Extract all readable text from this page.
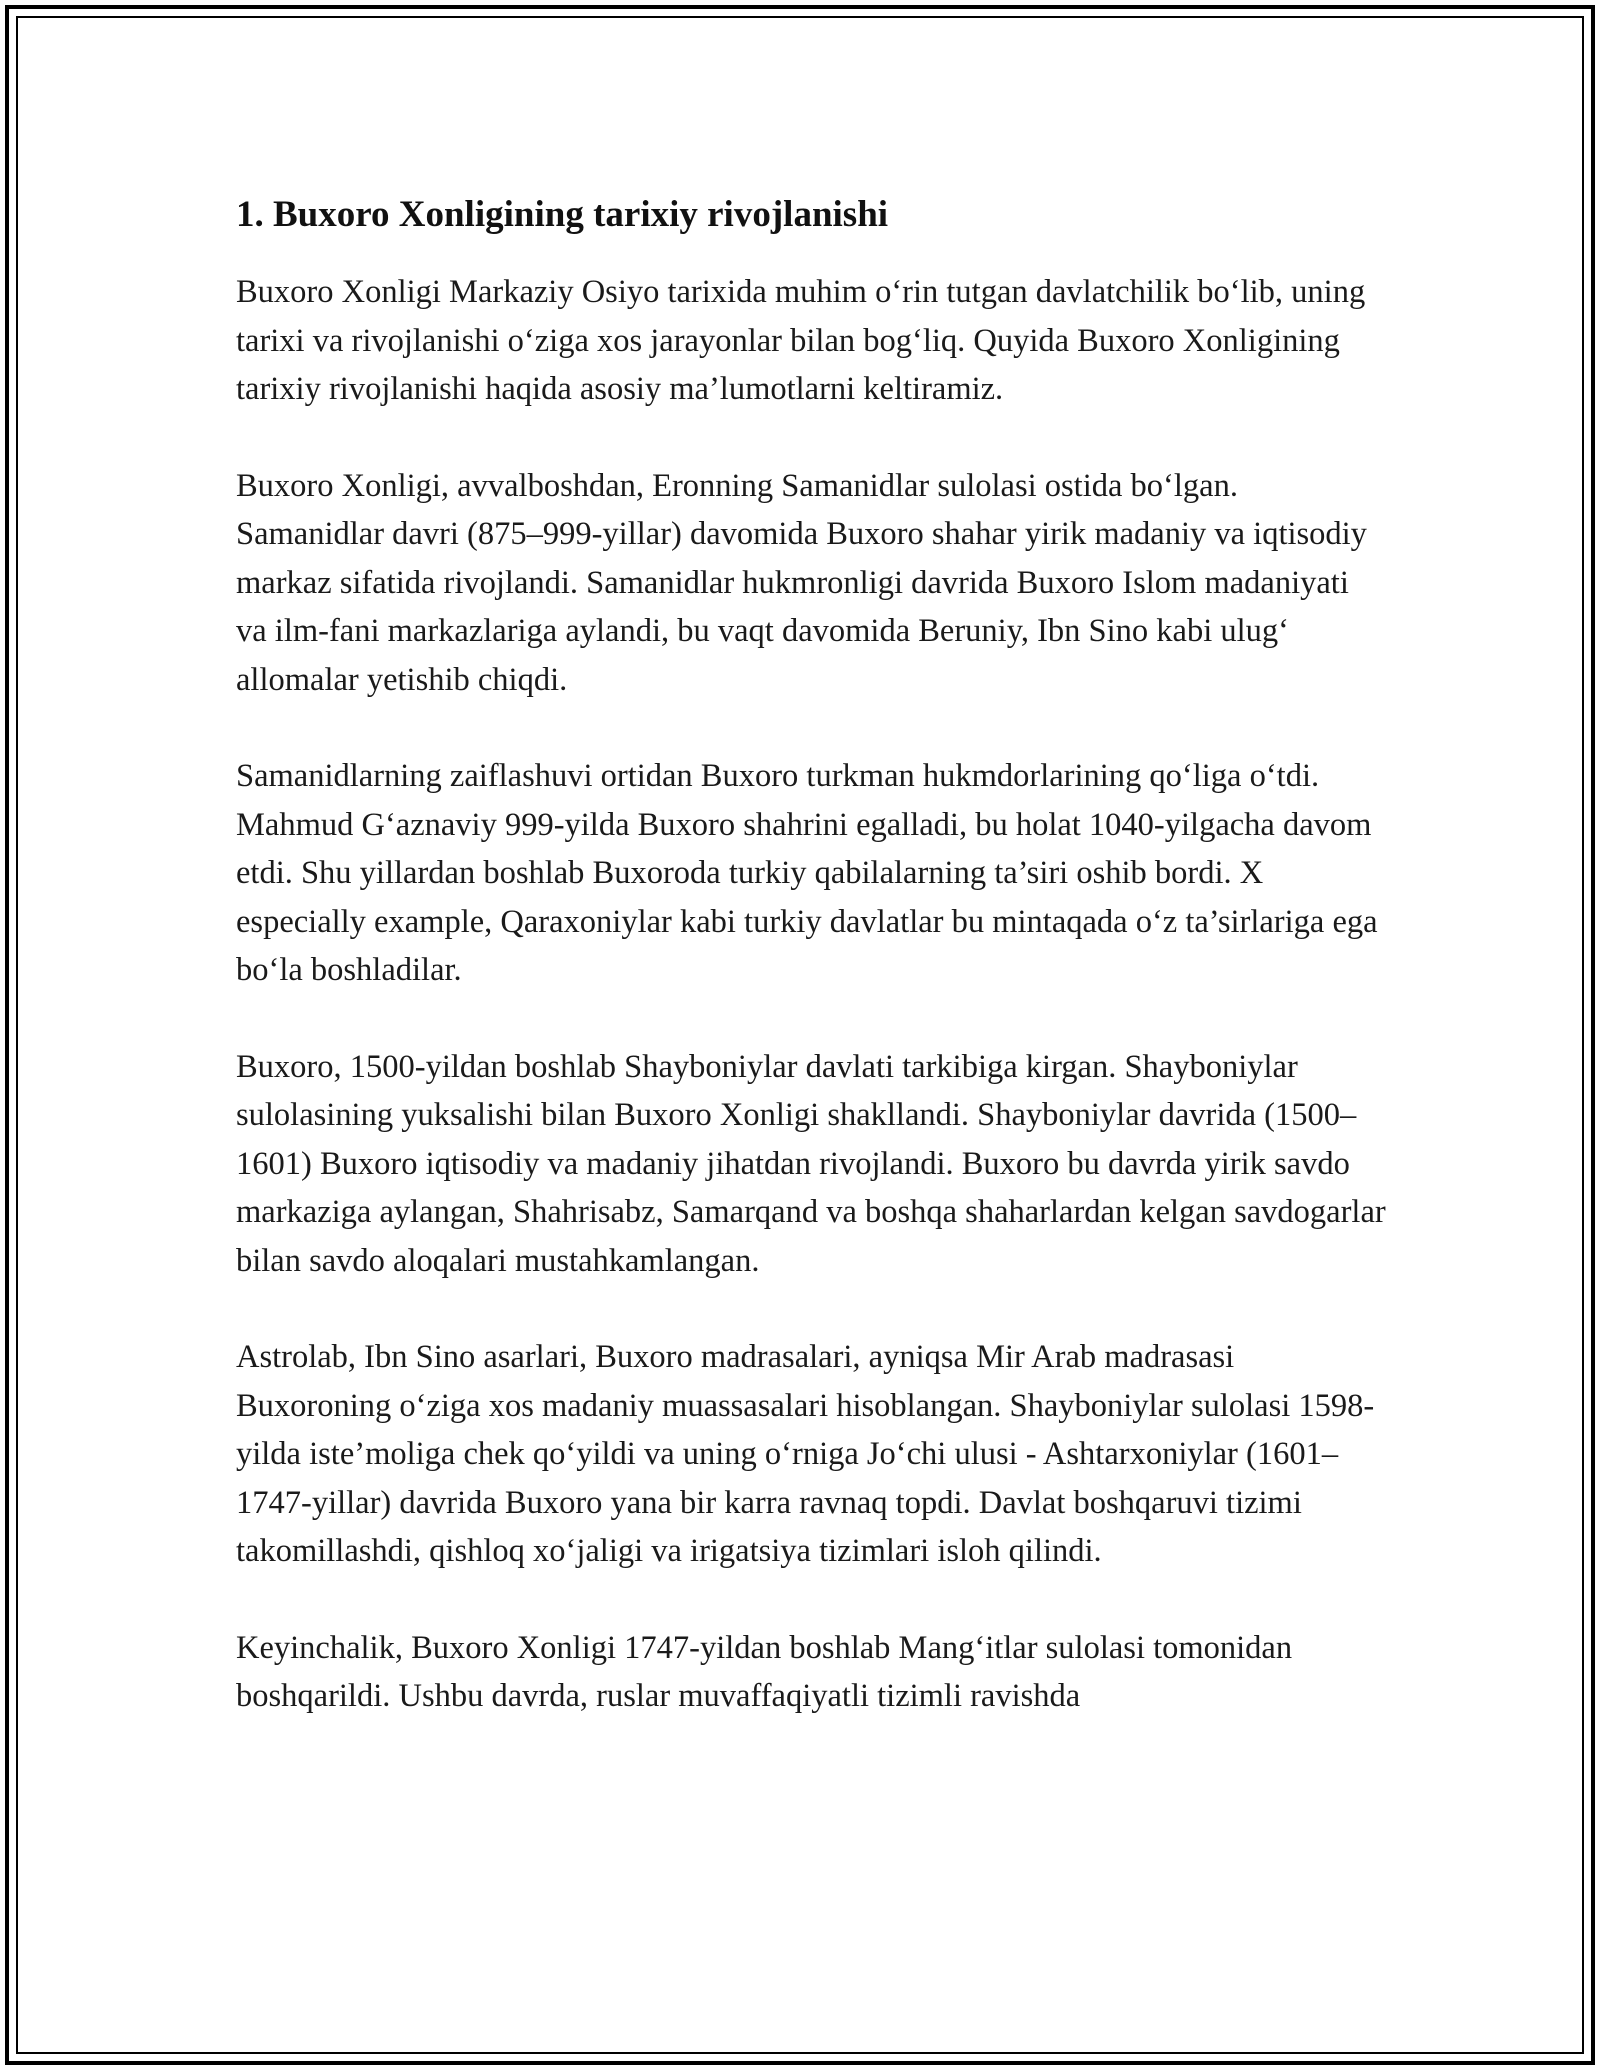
1. Buxoro Xonligining tarixiy rivojlanishi

Buxoro Xonligi Markaziy Osiyo tarixida muhim o‘rin tutgan davlatchilik bo‘lib, uning tarixi va rivojlanishi o‘ziga xos jarayonlar bilan bog‘liq. Quyida Buxoro Xonligining tarixiy rivojlanishi haqida asosiy ma’lumotlarni keltiramiz.

Buxoro Xonligi, avvalboshdan, Eronning Samanidlar sulolasi ostida bo‘lgan. Samanidlar davri (875–999-yillar) davomida Buxoro shahar yirik madaniy va iqtisodiy markaz sifatida rivojlandi. Samanidlar hukmronligi davrida Buxoro Islom madaniyati va ilm-fani markazlariga aylandi, bu vaqt davomida Beruniy, Ibn Sino kabi ulug‘ allomalar yetishib chiqdi.

Samanidlarning zaiflashuvi ortidan Buxoro turkman hukmdorlarining qo‘liga o‘tdi. Mahmud G‘aznaviy 999-yilda Buxoro shahrini egalladi, bu holat 1040-yilgacha davom etdi. Shu yillardan boshlab Buxoroda turkiy qabilalarning ta’siri oshib bordi. X especially example, Qaraxoniylar kabi turkiy davlatlar bu mintaqada o‘z ta’sirlariga ega bo‘la boshladilar.

Buxoro, 1500-yildan boshlab Shayboniylar davlati tarkibiga kirgan. Shayboniylar sulolasining yuksalishi bilan Buxoro Xonligi shakllandi. Shayboniylar davrida (1500–1601) Buxoro iqtisodiy va madaniy jihatdan rivojlandi. Buxoro bu davrda yirik savdo markaziga aylangan, Shahrisabz, Samarqand va boshqa shaharlardan kelgan savdogarlar bilan savdo aloqalari mustahkamlangan.

Astrolab, Ibn Sino asarlari, Buxoro madrasalari, ayniqsa Mir Arab madrasasi Buxoroning o‘ziga xos madaniy muassasalari hisoblangan. Shayboniylar sulolasi 1598-yilda iste’moliga chek qo‘yildi va uning o‘rniga Jo‘chi ulusi - Ashtarxoniylar (1601–1747-yillar) davrida Buxoro yana bir karra ravnaq topdi. Davlat boshqaruvi tizimi takomillashdi, qishloq xo‘jaligi va irigatsiya tizimlari isloh qilindi.

Keyinchalik, Buxoro Xonligi 1747-yildan boshlab Mang‘itlar sulolasi tomonidan boshqarildi. Ushbu davrda, ruslar muvaffaqiyatli tizimli ravishda
